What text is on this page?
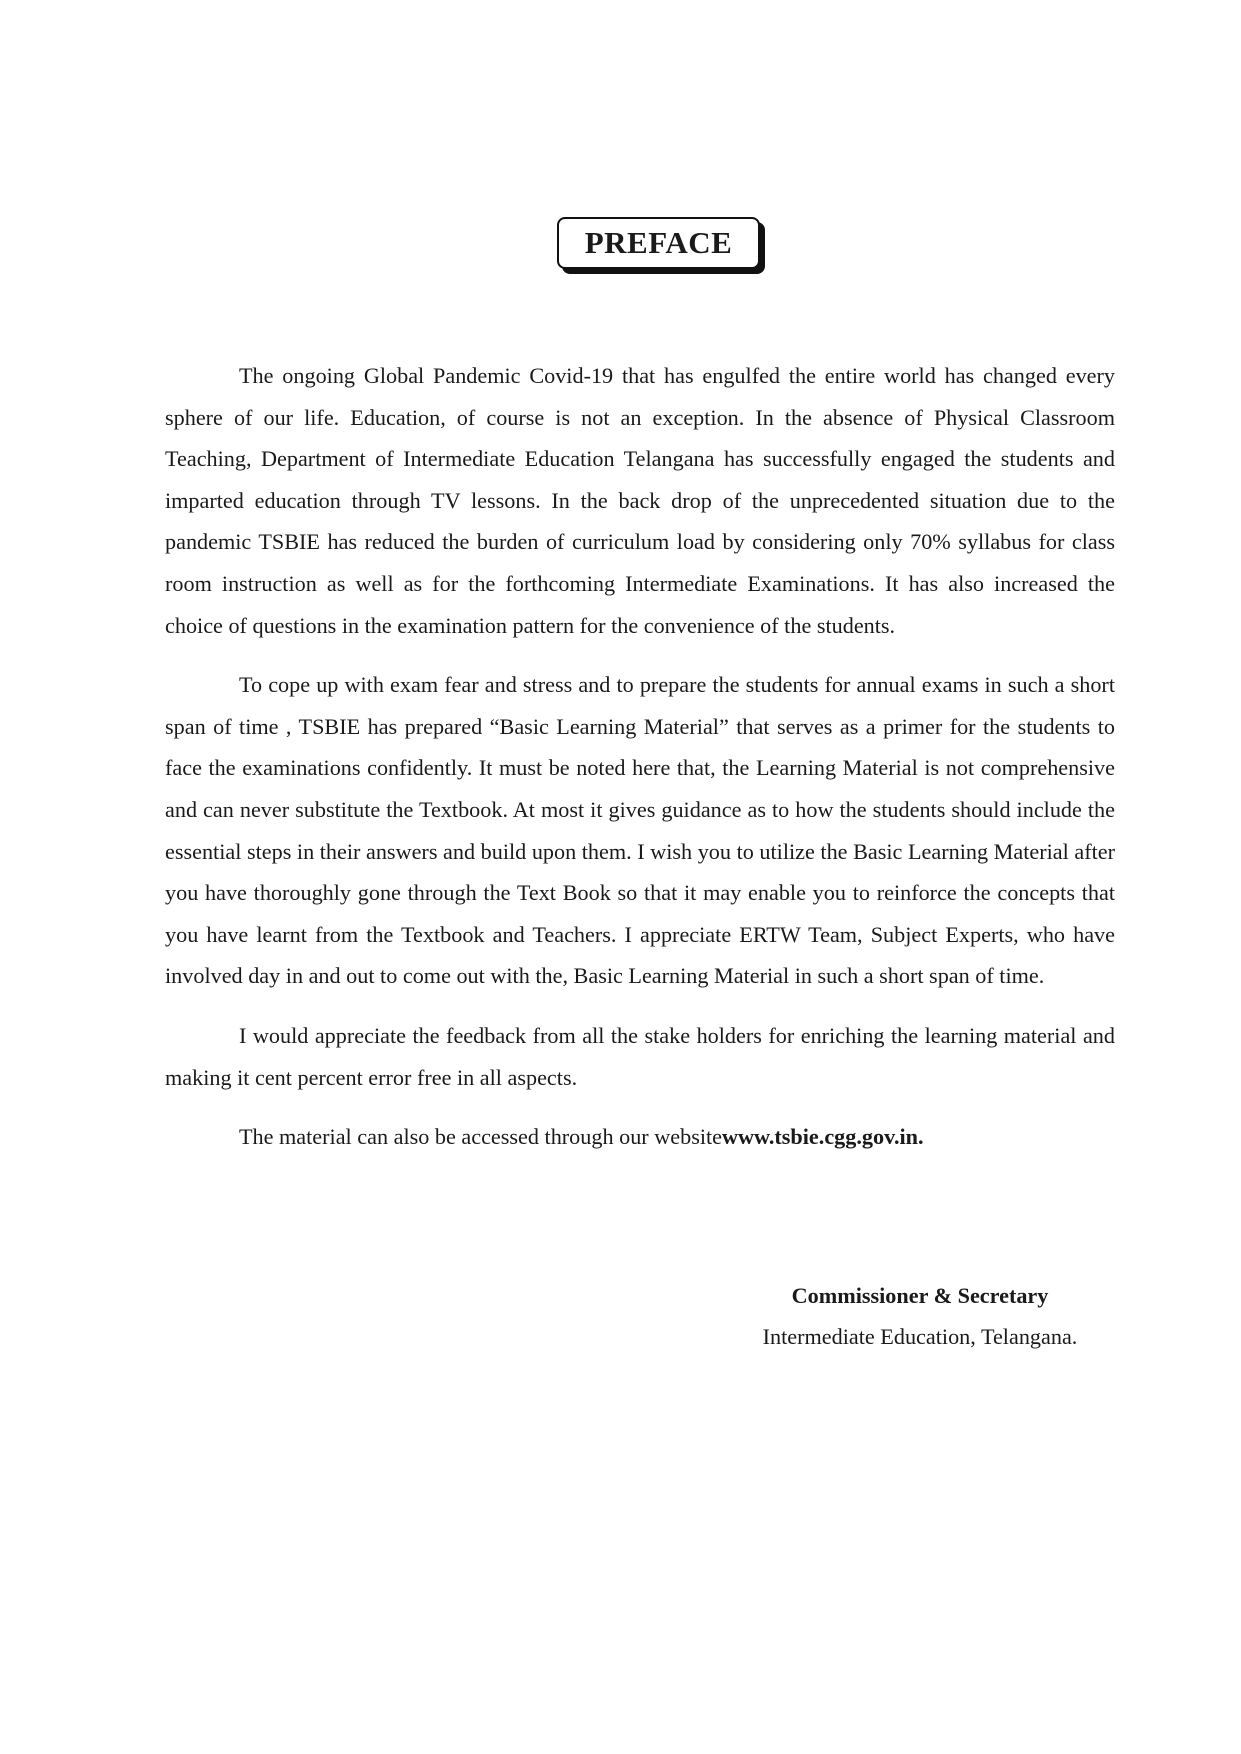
PREFACE

The ongoing Global Pandemic Covid-19 that has engulfed the entire world has changed every sphere of our life. Education, of course is not an exception. In the absence of Physical Classroom Teaching, Department of Intermediate Education Telangana has successfully engaged the students and imparted education through TV lessons. In the back drop of the unprecedented situation due to the pandemic TSBIE has reduced the burden of curriculum load by considering only 70% syllabus for class room instruction as well as for the forthcoming Intermediate Examinations. It has also increased the choice of questions in the examination pattern for the convenience of the students.

To cope up with exam fear and stress and to prepare the students for annual exams in such a short span of time , TSBIE has prepared “Basic Learning Material” that serves as a primer for the students to face the examinations confidently. It must be noted here that, the Learning Material is not comprehensive and can never substitute the Textbook. At most it gives guidance as to how the students should include the essential steps in their answers and build upon them. I wish you to utilize the Basic Learning Material after you have thoroughly gone through the Text Book so that it may enable you to reinforce the concepts that you have learnt from the Textbook and Teachers. I appreciate ERTW Team, Subject Experts, who have involved day in and out to come out with the, Basic Learning Material in such a short span of time.

I would appreciate the feedback from all the stake holders for enriching the learning material and making it cent percent error free in all aspects.

The material can also be accessed through our websitewww.tsbie.cgg.gov.in.

Commissioner & Secretary
Intermediate Education, Telangana.
